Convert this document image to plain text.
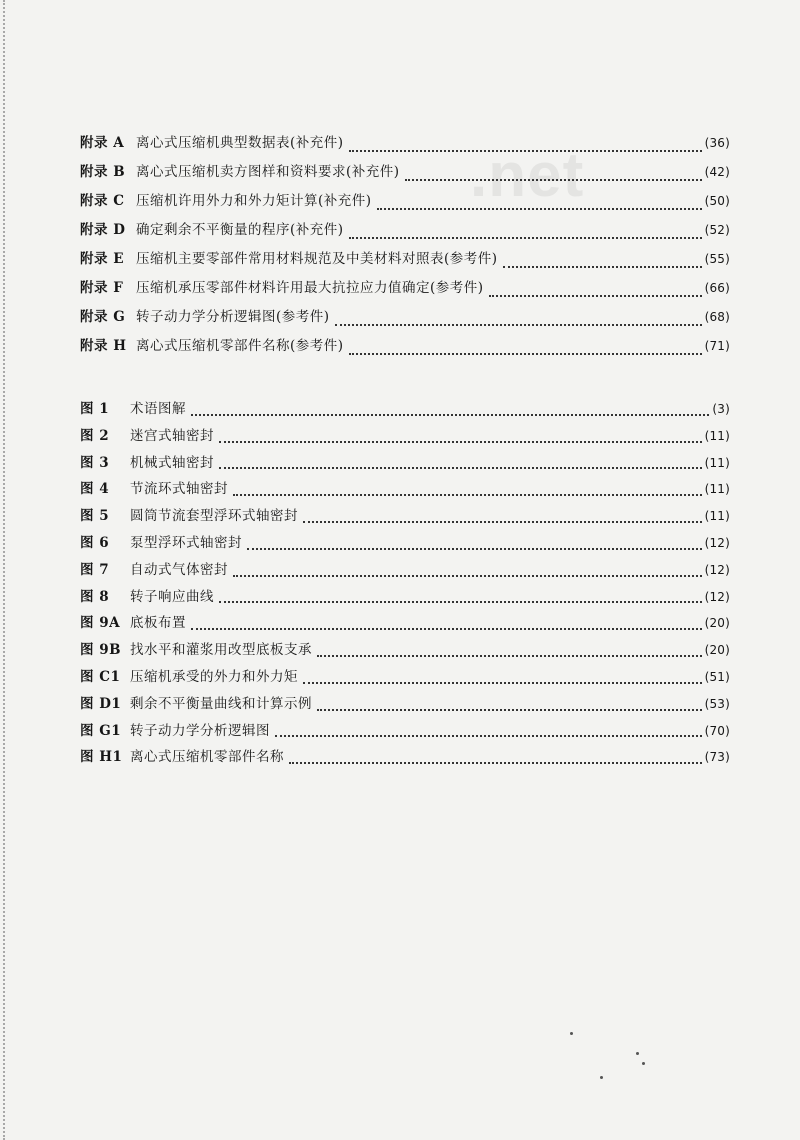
.net
附录 A 离心式压缩机典型数据表(补充件)	(36)
附录 B 离心式压缩机卖方图样和资料要求(补充件)	(42)
附录 C 压缩机许用外力和外力矩计算(补充件)	(50)
附录 D 确定剩余不平衡量的程序(补充件)	(52)
附录 E 压缩机主要零部件常用材料规范及中美材料对照表(参考件)	(55)
附录 F 压缩机承压零部件材料许用最大抗拉应力值确定(参考件)	(66)
附录 G 转子动力学分析逻辑图(参考件)	(68)
附录 H 离心式压缩机零部件名称(参考件)	(71)
图 1	术语图解	(3)
图 2	迷宫式轴密封	(11)
图 3	机械式轴密封	(11)
图 4	节流环式轴密封	(11)
图 5	圆筒节流套型浮环式轴密封	(11)
图 6	泵型浮环式轴密封	(12)
图 7	自动式气体密封	(12)
图 8	转子响应曲线	(12)
图 9A 底板布置	(20)
图 9B 找水平和灌浆用改型底板支承	(20)
图 C1 压缩机承受的外力和外力矩	(51)
图 D1 剩余不平衡量曲线和计算示例	(53)
图 G1 转子动力学分析逻辑图	(70)
图 H1 离心式压缩机零部件名称	(73)
